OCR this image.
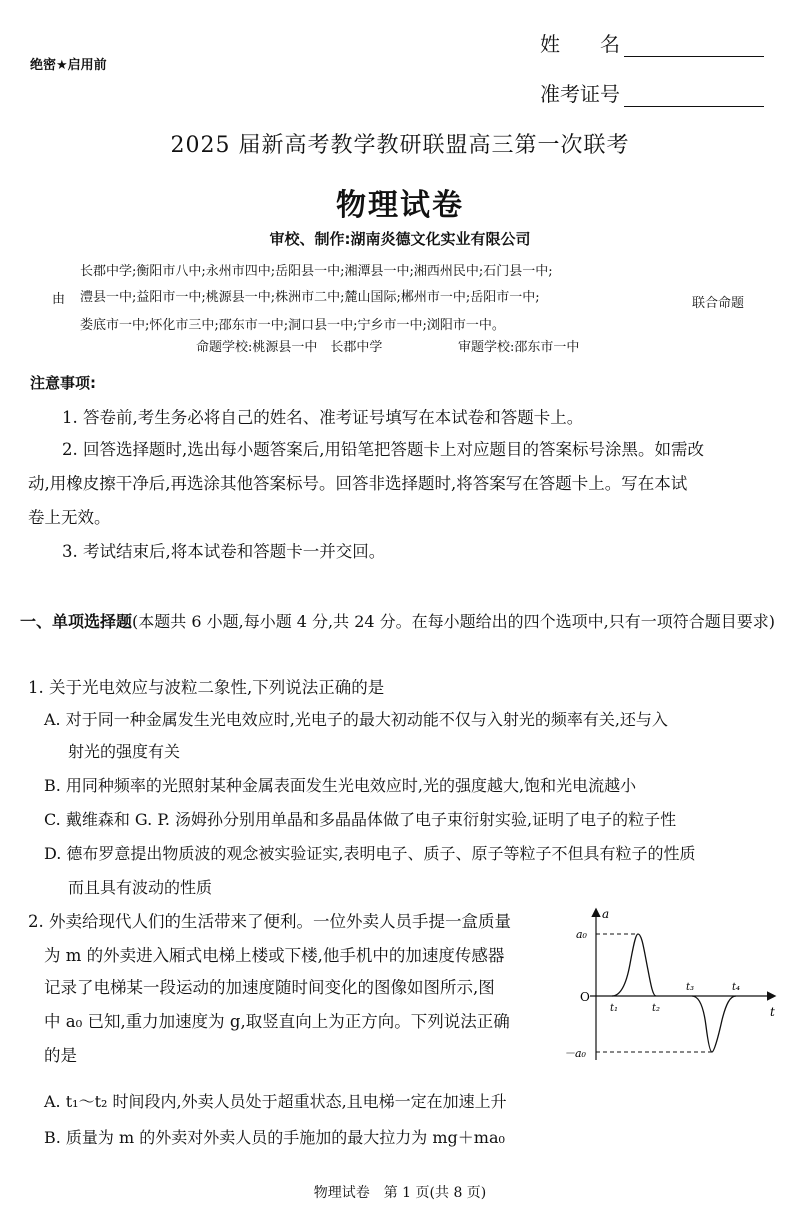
绝密★启用前
姓　　名
准考证号
2025 届新高考教学教研联盟高三第一次联考
物理试卷
审校、制作:湖南炎德文化实业有限公司
由
长郡中学;衡阳市八中;永州市四中;岳阳县一中;湘潭县一中;湘西州民中;石门县一中;
澧县一中;益阳市一中;桃源县一中;株洲市二中;麓山国际;郴州市一中;岳阳市一中;
娄底市一中;怀化市三中;邵东市一中;洞口县一中;宁乡市一中;浏阳市一中。
联合命题
命题学校:桃源县一中　长郡中学	审题学校:邵东市一中
注意事项:
1. 答卷前,考生务必将自己的姓名、准考证号填写在本试卷和答题卡上。
2. 回答选择题时,选出每小题答案后,用铅笔把答题卡上对应题目的答案标号涂黑。如需改
动,用橡皮擦干净后,再选涂其他答案标号。回答非选择题时,将答案写在答题卡上。写在本试
卷上无效。
3. 考试结束后,将本试卷和答题卡一并交回。
一、单项选择题(本题共 6 小题,每小题 4 分,共 24 分。在每小题给出的四个选项中,只有一项符合题目要求)
1. 关于光电效应与波粒二象性,下列说法正确的是
A. 对于同一种金属发生光电效应时,光电子的最大初动能不仅与入射光的频率有关,还与入
射光的强度有关
B. 用同种频率的光照射某种金属表面发生光电效应时,光的强度越大,饱和光电流越小
C. 戴维森和 G. P. 汤姆孙分别用单晶和多晶晶体做了电子束衍射实验,证明了电子的粒子性
D. 德布罗意提出物质波的观念被实验证实,表明电子、质子、原子等粒子不但具有粒子的性质
而且具有波动的性质
2. 外卖给现代人们的生活带来了便利。一位外卖人员手提一盒质量
为 m 的外卖进入厢式电梯上楼或下楼,他手机中的加速度传感器
记录了电梯某一段运动的加速度随时间变化的图像如图所示,图
中 a₀ 已知,重力加速度为 g,取竖直向上为正方向。下列说法正确
的是
A. t₁～t₂ 时间段内,外卖人员处于超重状态,且电梯一定在加速上升
B. 质量为 m 的外卖对外卖人员的手施加的最大拉力为 mg＋ma₀
a
t
O
a₀
－a₀
t₁	t₂
t₃	t₄
物理试卷　第 1 页(共 8 页)
